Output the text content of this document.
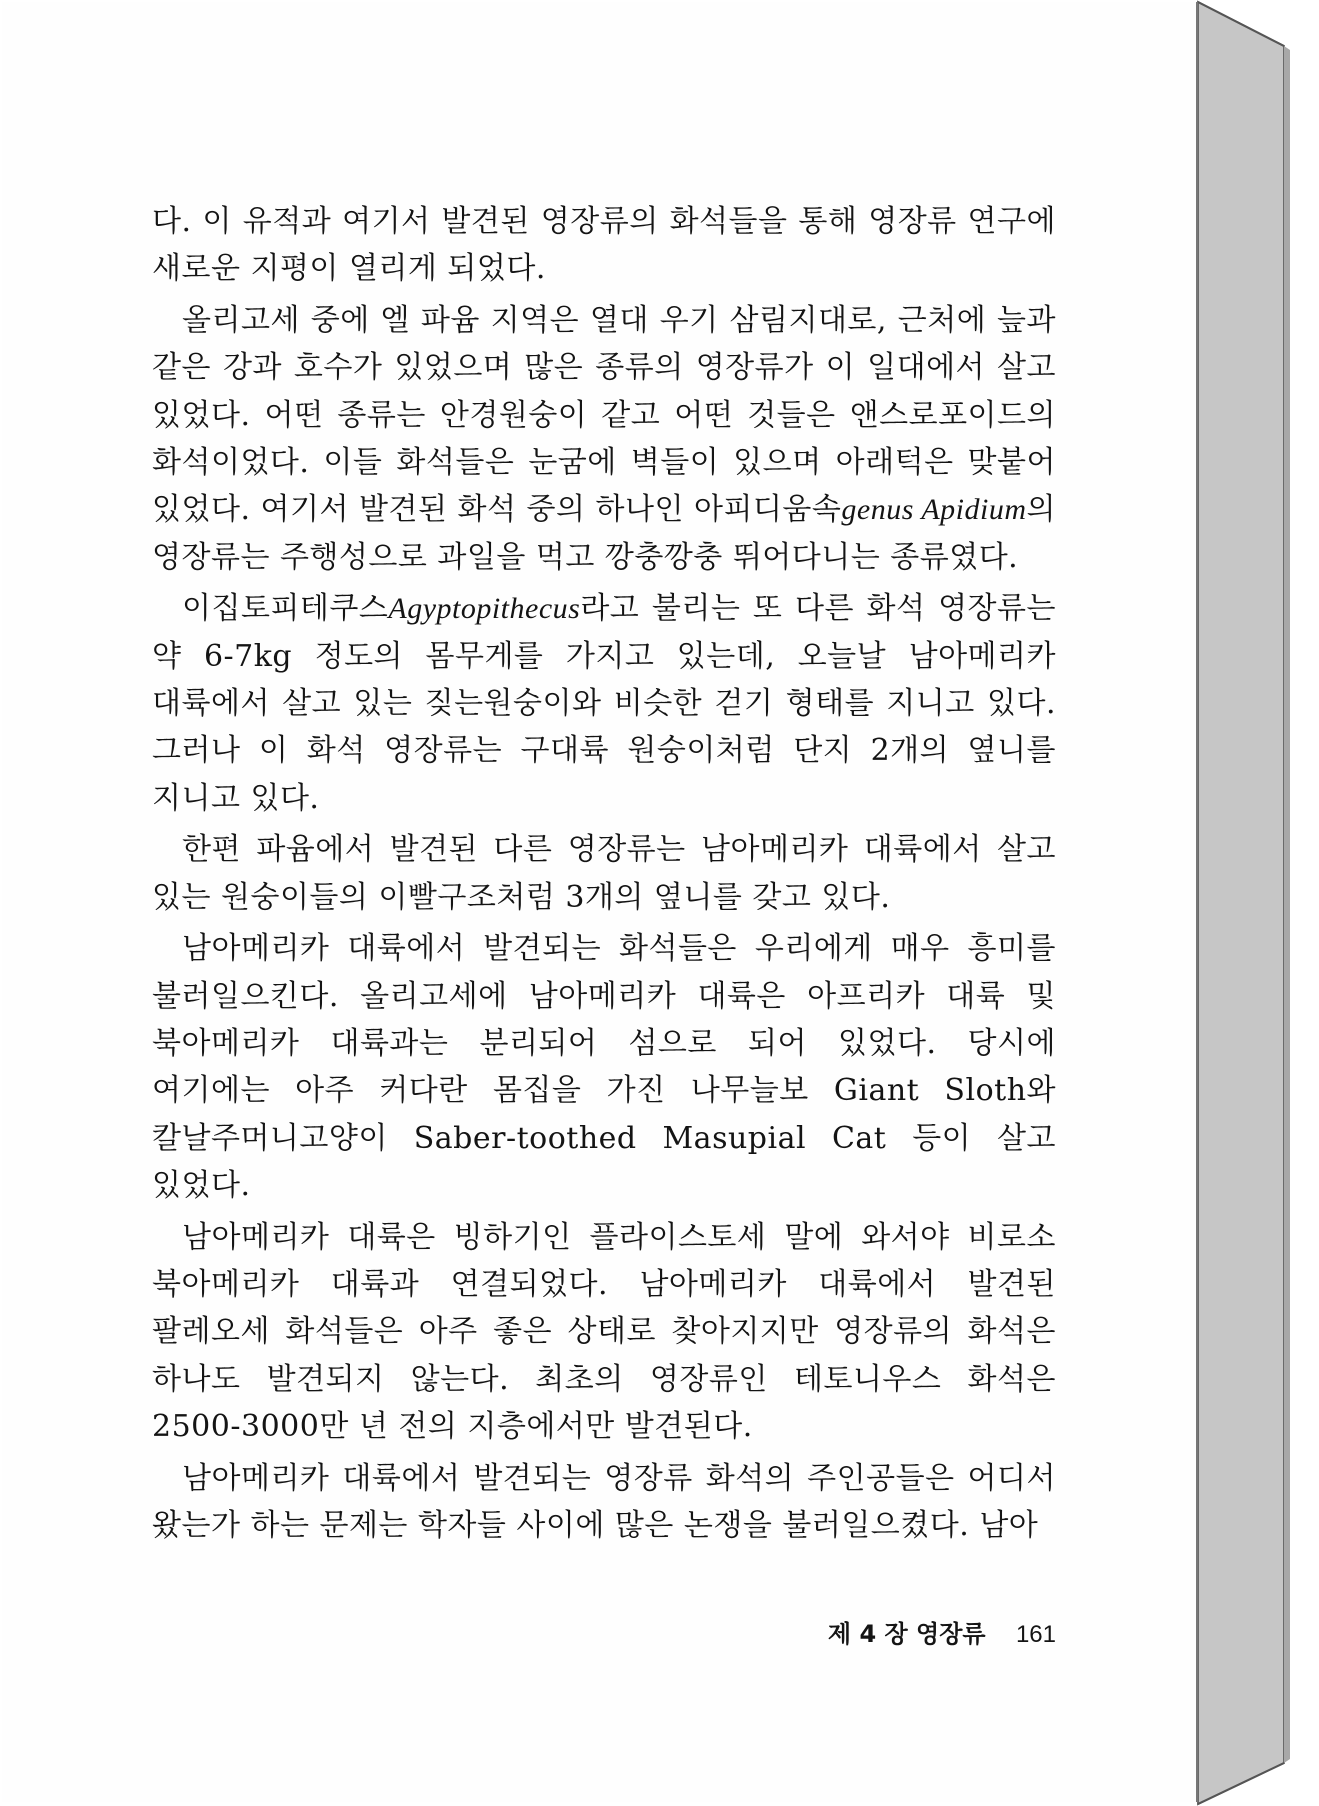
다. 이 유적과 여기서 발견된 영장류의 화석들을 통해 영장류 연구에 새로운 지평이 열리게 되었다.

올리고세 중에 엘 파윰 지역은 열대 우기 삼림지대로, 근처에 늪과 같은 강과 호수가 있었으며 많은 종류의 영장류가 이 일대에서 살고 있었다. 어떤 종류는 안경원숭이 같고 어떤 것들은 앤스로포이드의 화석이었다. 이들 화석들은 눈굼에 벽들이 있으며 아래턱은 맞붙어 있었다. 여기서 발견된 화석 중의 하나인 아피디움속genus Apidium의 영장류는 주행성으로 과일을 먹고 깡충깡충 뛰어다니는 종류였다.

이집토피테쿠스Agyptopithecus라고 불리는 또 다른 화석 영장류는 약 6-7kg 정도의 몸무게를 가지고 있는데, 오늘날 남아메리카 대륙에서 살고 있는 짖는원숭이와 비슷한 걷기 형태를 지니고 있다. 그러나 이 화석 영장류는 구대륙 원숭이처럼 단지 2개의 옆니를 지니고 있다.

한편 파윰에서 발견된 다른 영장류는 남아메리카 대륙에서 살고 있는 원숭이들의 이빨구조처럼 3개의 옆니를 갖고 있다.

남아메리카 대륙에서 발견되는 화석들은 우리에게 매우 흥미를 불러일으킨다. 올리고세에 남아메리카 대륙은 아프리카 대륙 및 북아메리카 대륙과는 분리되어 섬으로 되어 있었다. 당시에 여기에는 아주 커다란 몸집을 가진 나무늘보 Giant Sloth와 칼날주머니고양이 Saber-toothed Masupial Cat 등이 살고 있었다.

남아메리카 대륙은 빙하기인 플라이스토세 말에 와서야 비로소 북아메리카 대륙과 연결되었다. 남아메리카 대륙에서 발견된 팔레오세 화석들은 아주 좋은 상태로 찾아지지만 영장류의 화석은 하나도 발견되지 않는다. 최초의 영장류인 테토니우스 화석은 2500-3000만 년 전의 지층에서만 발견된다.

남아메리카 대륙에서 발견되는 영장류 화석의 주인공들은 어디서 왔는가 하는 문제는 학자들 사이에 많은 논쟁을 불러일으켰다. 남아

제 4 장 영장류 161
